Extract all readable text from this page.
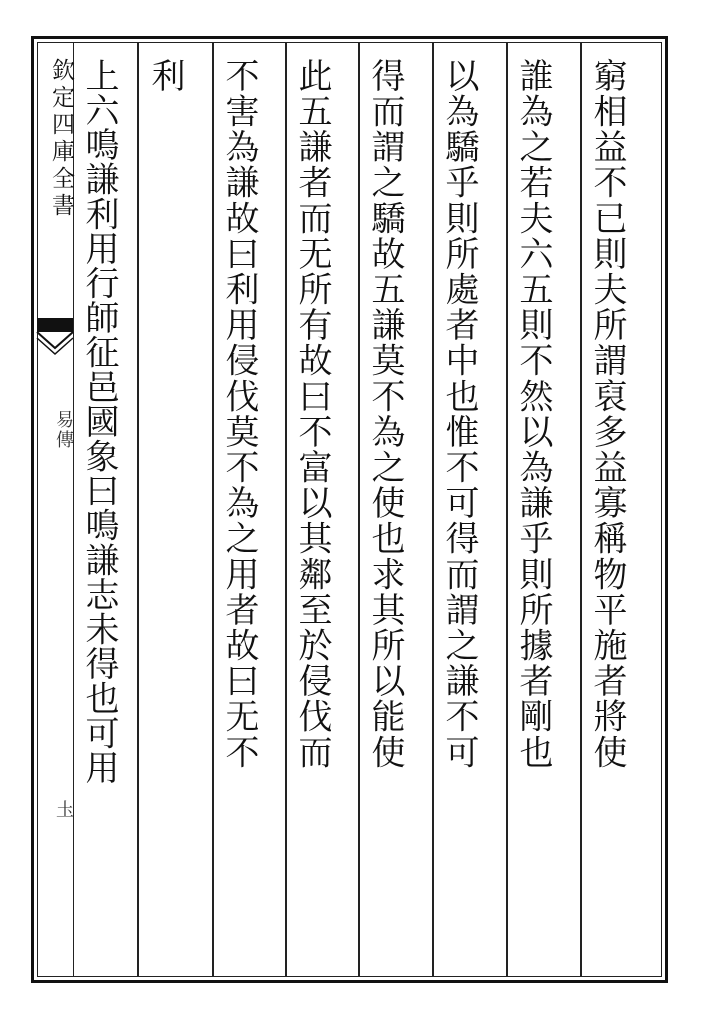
欽定四庫全書
易傳
圡
窮相益不已則夫所謂裒多益寡稱物平施者將使
誰為之若夫六五則不然以為謙乎則所據者剛也
以為驕乎則所處者中也惟不可得而謂之謙不可
得而謂之驕故五謙莫不為之使也求其所以能使
此五謙者而无所有故曰不富以其鄰至於侵伐而
不害為謙故曰利用侵伐莫不為之用者故曰无不
利
上六鳴謙利用行師征邑國象曰鳴謙志未得也可用
